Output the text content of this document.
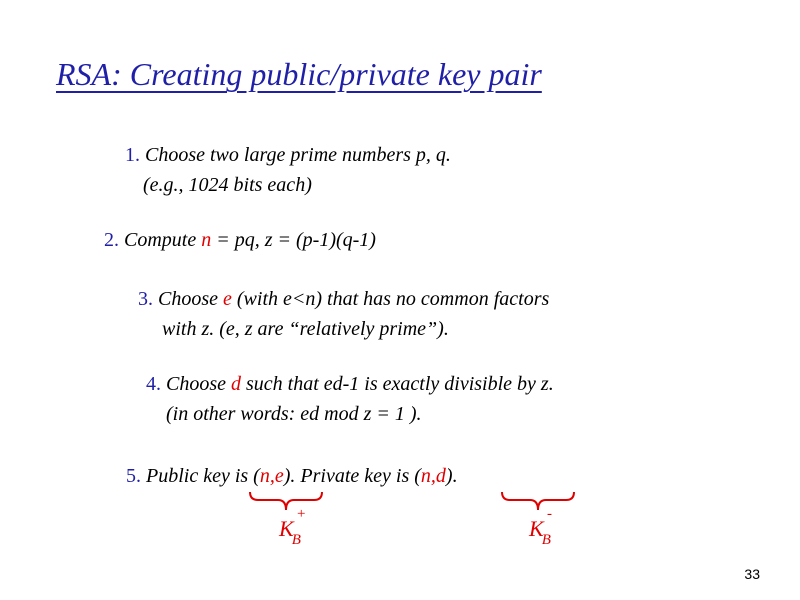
RSA: Creating public/private key pair
1. Choose two large prime numbers p, q.
(e.g., 1024 bits each)
2. Compute n = pq, z = (p-1)(q-1)
3. Choose e (with e<n) that has no common factors
with z. (e, z are “relatively prime”).
4. Choose d such that ed-1 is exactly divisible by z.
(in other words: ed mod z = 1 ).
5. Public key is (n,e). Private key is (n,d).
$K_B$
+
$K_B$
-
33
